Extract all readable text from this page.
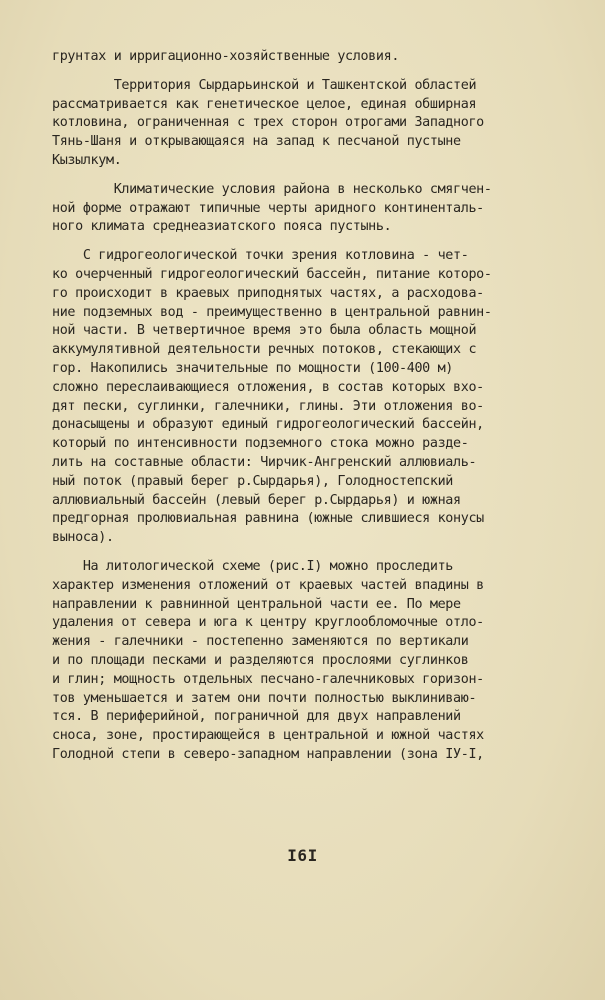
грунтах и ирригационно-хозяйственные условия.
Территория Сырдарьинской и Ташкентской областей
рассматривается как генетическое целое, единая обширная
котловина, ограниченная с трех сторон отрогами Западного
Тянь-Шаня и открывающаяся на запад к песчаной пустыне
Кызылкум.
Климатические условия района в несколько смягчен-
ной форме отражают типичные черты аридного континенталь-
ного климата среднеазиатского пояса пустынь.
С гидрогеологической точки зрения котловина - чет-
ко очерченный гидрогеологический бассейн, питание которо-
го происходит в краевых приподнятых частях, а расходова-
ние подземных вод - преимущественно в центральной равнин-
ной части. В четвертичное время это была область мощной
аккумулятивной деятельности речных потоков, стекающих с
гор. Накопились значительные по мощности (100-400 м)
сложно переслаивающиеся отложения, в состав которых вхо-
дят пески, суглинки, галечники, глины. Эти отложения во-
донасыщены и образуют единый гидрогеологический бассейн,
который по интенсивности подземного стока можно разде-
лить на составные области: Чирчик-Ангренский аллювиаль-
ный поток (правый берег р.Сырдарья), Голодностепский
аллювиальный бассейн (левый берег р.Сырдарья) и южная
предгорная пролювиальная равнина (южные слившиеся конусы
выноса).
На литологической схеме (рис.I) можно проследить
характер изменения отложений от краевых частей впадины в
направлении к равнинной центральной части ее. По мере
удаления от севера и юга к центру круглообломочные отло-
жения - галечники - постепенно заменяются по вертикали
и по площади песками и разделяются прослоями суглинков
и глин; мощность отдельных песчано-галечниковых горизон-
тов уменьшается и затем они почти полностью выклиниваю-
тся. В периферийной, пограничной для двух направлений
сноса, зоне, простирающейся в центральной и южной частях
Голодной степи в северо-западном направлении (зона IУ-I,
I6I
